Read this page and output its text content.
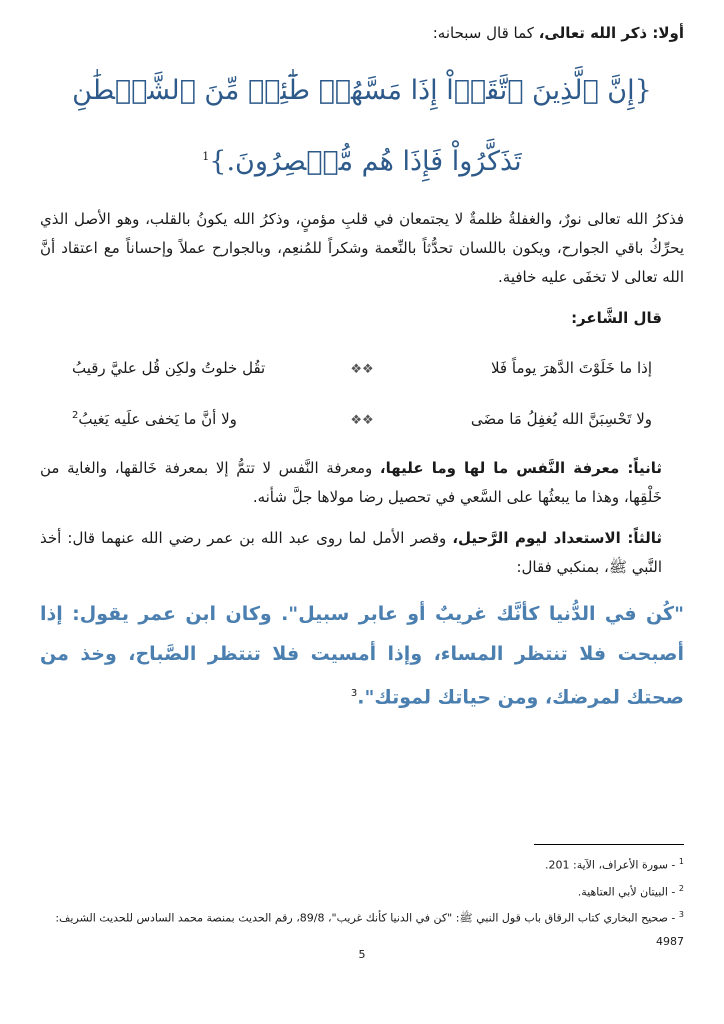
أولا: ذكر الله تعالى، كما قال سبحانه:

{إِنَّ ٱلَّذِينَ ٱتَّقَوۡاْ إِذَا مَسَّهُمۡ طَٰٓئِفٞ مِّنَ ٱلشَّيۡطَٰنِ تَذَكَّرُواْ فَإِذَا هُم مُّبۡصِرُونَ.}$^1$

فذكرُ الله تعالى نورٌ، والغفلةُ ظلمةٌ لا يجتمعان في قلبِ مؤمنٍ، وذكرُ الله يكونُ بالقلب، وهو الأصل الذي يحرِّكُ باقي الجوارح، ويكون باللسان تحدُّثاً بالنِّعمة وشكراً للمُنعِم، وبالجوارح عملاً وإحساناً مع اعتقاد أنَّ الله تعالى لا تخفَى عليه خافية.

قال الشَّاعر:

إذا ما خَلَوْتَ الدَّهرَ يوماً فَلا
❖❖
تقُل خلوتُ ولكِن قُل عليَّ رقيبُ
ولا تَحْسِبَنَّ الله يُغفِلُ مَا مضَى
❖❖
ولا أنَّ ما يَخفى علَيه يَغيبُ$^2$

ثانياً: معرفة النَّفس ما لها وما عليها، ومعرفة النَّفس لا تتمُّ إلا بمعرفة خَالقها، والغاية من خَلْقِها، وهذا ما يبعثُها على السَّعي في تحصيل رضا مولاها جلَّ شأنه.

ثالثاً: الاستعداد ليوم الرَّحيل، وقصر الأمل لما روى عبد الله بن عمر رضي الله عنهما قال: أخذ النَّبي ﷺ، بمنكبي فقال:

"كُن في الدُّنيا كأنَّك غريبٌ أو عابر سبيل". وكان ابن عمر يقول: إذا أصبحت فلا تنتظر المساء، وإذا أمسيت فلا تنتظر الصَّباح، وخذ من صحتك لمرضك، ومن حياتك لموتك".$^3$

$^1$ - سورة الأعراف، الآية: 201.

$^2$ - البيتان لأبي العتاهية.

$^3$ - صحيح البخاري كتاب الرقاق باب قول النبي ﷺ: "كن في الدنيا كأنك غريب"، 89/8، رقم الحديث بمنصة محمد السادس للحديث الشريف: 4987

5
